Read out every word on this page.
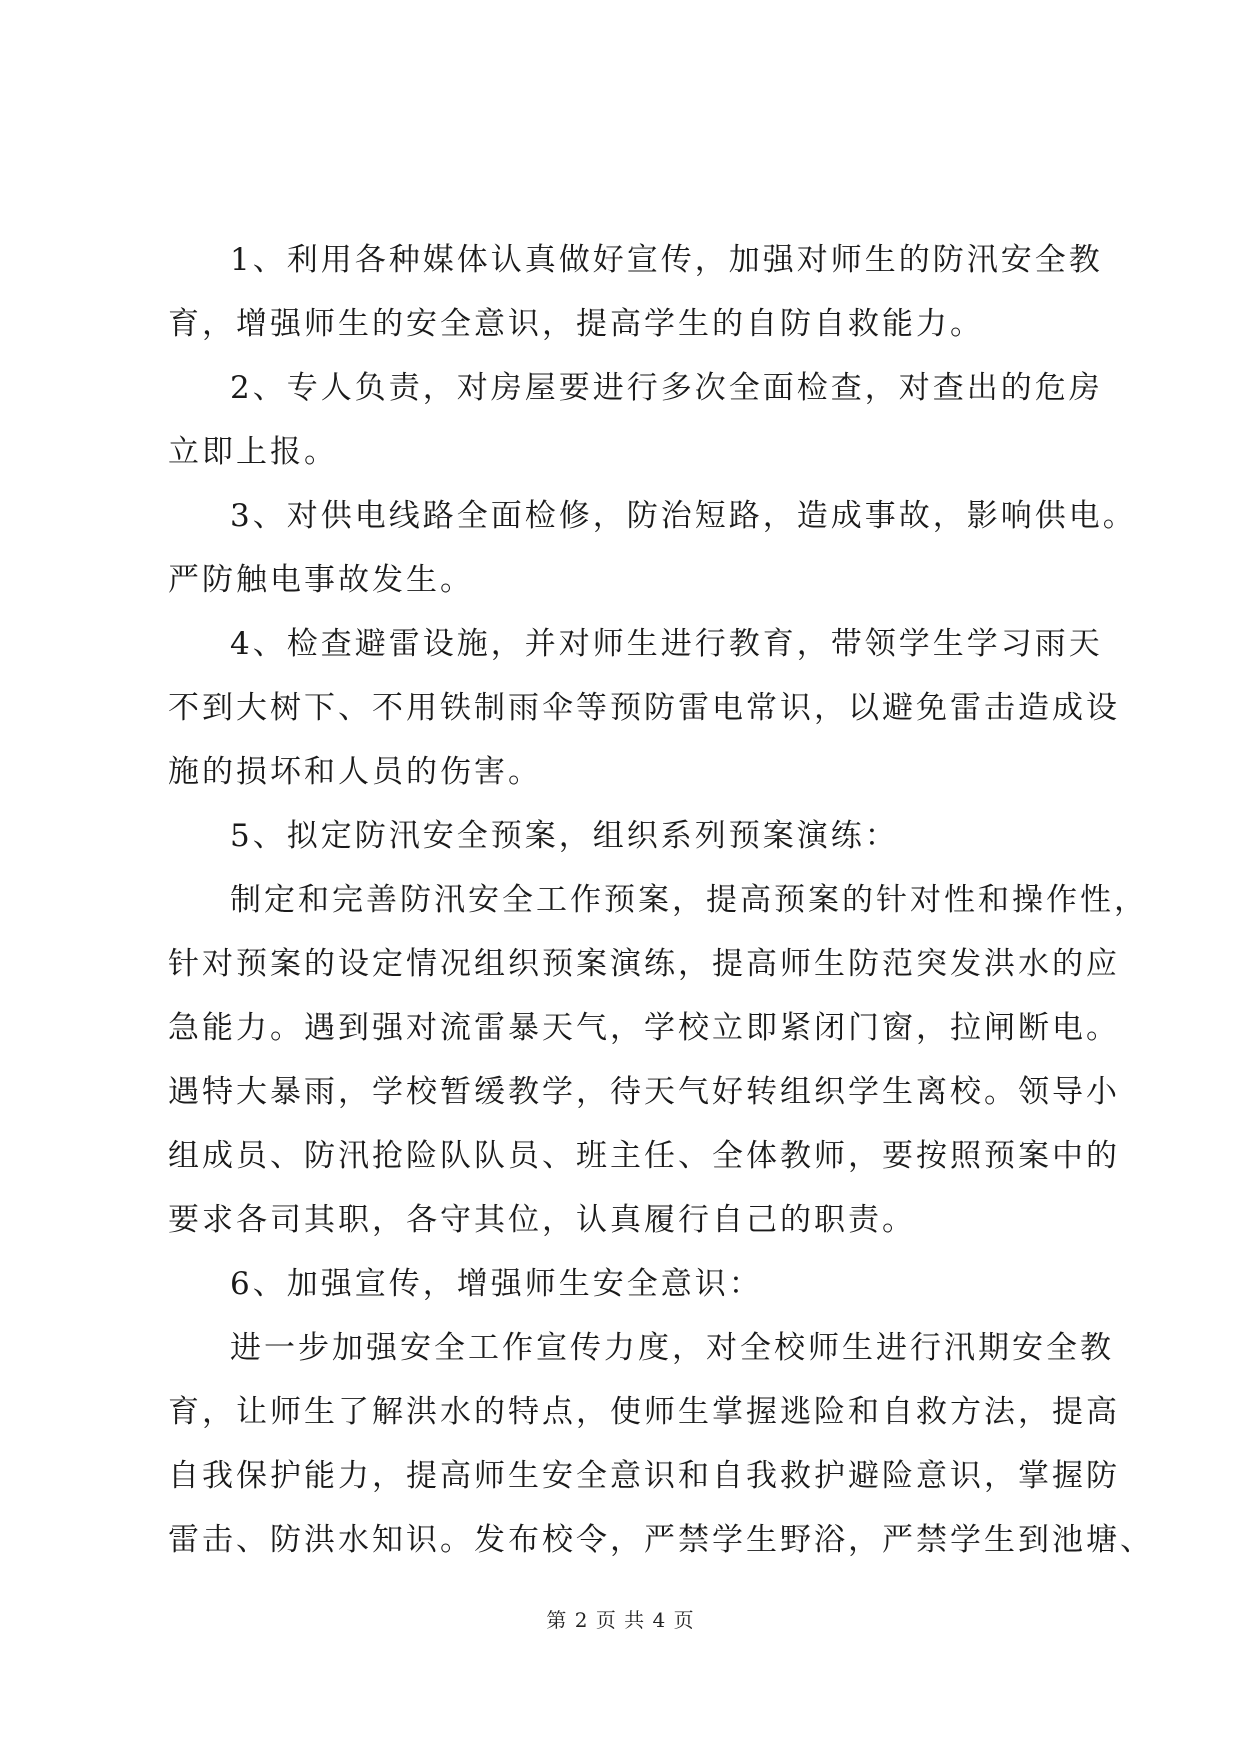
1、利用各种媒体认真做好宣传，加强对师生的防汛安全教
育，增强师生的安全意识，提高学生的自防自救能力。
2、专人负责，对房屋要进行多次全面检查，对查出的危房
立即上报。
3、对供电线路全面检修，防治短路，造成事故，影响供电。
严防触电事故发生。
4、检查避雷设施，并对师生进行教育，带领学生学习雨天
不到大树下、不用铁制雨伞等预防雷电常识，以避免雷击造成设
施的损坏和人员的伤害。
5、拟定防汛安全预案，组织系列预案演练：
制定和完善防汛安全工作预案，提高预案的针对性和操作性，
针对预案的设定情况组织预案演练，提高师生防范突发洪水的应
急能力。遇到强对流雷暴天气，学校立即紧闭门窗，拉闸断电。
遇特大暴雨，学校暂缓教学，待天气好转组织学生离校。领导小
组成员、防汛抢险队队员、班主任、全体教师，要按照预案中的
要求各司其职，各守其位，认真履行自己的职责。
6、加强宣传，增强师生安全意识：
进一步加强安全工作宣传力度，对全校师生进行汛期安全教
育，让师生了解洪水的特点，使师生掌握逃险和自救方法，提高
自我保护能力，提高师生安全意识和自我救护避险意识，掌握防
雷击、防洪水知识。发布校令，严禁学生野浴，严禁学生到池塘、
第 2 页 共 4 页
